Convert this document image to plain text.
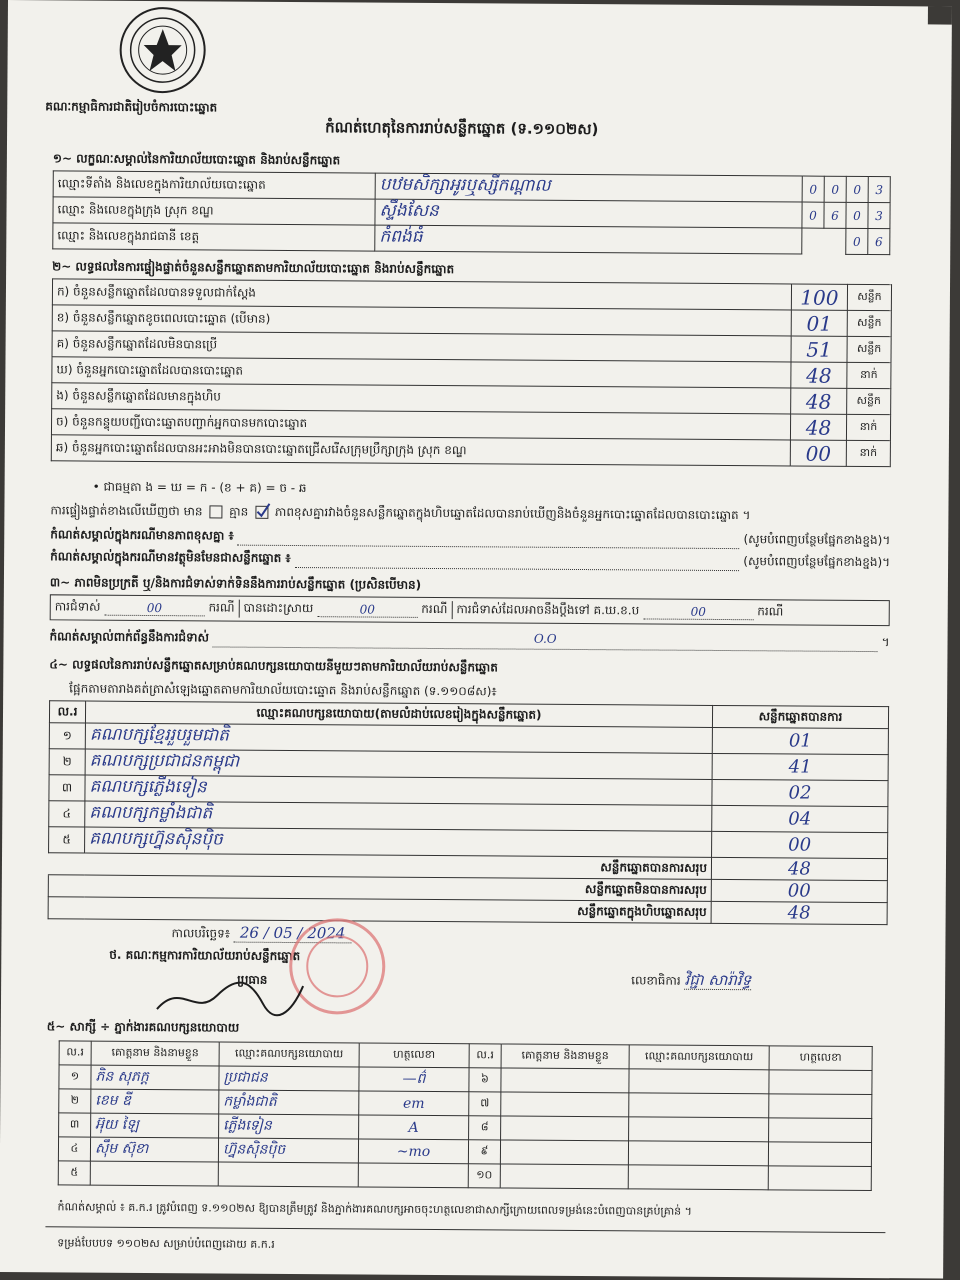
គណៈកម្មាធិការជាតិរៀបចំការបោះឆ្នោត
កំណត់ហេតុនៃការរាប់សន្លឹកឆ្នោត (ទ.១១០២ស)
១~ លក្ខណៈសម្គាល់នៃការិយាល័យបោះឆ្នោត និងរាប់សន្លឹកឆ្នោត
ឈ្មោះទីតាំង និងលេខក្នុងការិយាល័យបោះឆ្នោត	បឋមសិក្សាអូរឬស្សីកណ្តាល	0	0	0	3
ឈ្មោះ និងលេខក្នុងក្រុង ស្រុក ខណ្ឌ	ស្ទឹងសែន	0	6	0	3
ឈ្មោះ និងលេខក្នុងរាជធានី ខេត្ត	កំពង់ធំ			0	6
២~ លទ្ធផលនៃការផ្ទៀងផ្ទាត់ចំនួនសន្លឹកឆ្នោតតាមការិយាល័យបោះឆ្នោត និងរាប់សន្លឹកឆ្នោត
ក) ចំនួនសន្លឹកឆ្នោតដែលបានទទួលជាក់ស្តែង	100	សន្លឹក
ខ) ចំនួនសន្លឹកឆ្នោតខូចពេលបោះឆ្នោត (បើមាន)	01	សន្លឹក
គ) ចំនួនសន្លឹកឆ្នោតដែលមិនបានប្រើ	51	សន្លឹក
ឃ) ចំនួនអ្នកបោះឆ្នោតដែលបានបោះឆ្នោត	48	នាក់
ង) ចំនួនសន្លឹកឆ្នោតដែលមានក្នុងហិប	48	សន្លឹក
ច) ចំនួនកន្ទុយបញ្ជីបោះឆ្នោតបញ្ជាក់អ្នកបានមកបោះឆ្នោត	48	នាក់
ឆ) ចំនួនអ្នកបោះឆ្នោតដែលបានអះអាងមិនបានបោះឆ្នោតជ្រើសរើសក្រុមប្រឹក្សាក្រុង ស្រុក ខណ្ឌ	00	នាក់
• ជាធម្មតា ង = ឃ = ក - (ខ + គ) = ច - ឆ
ការផ្ទៀងផ្ទាត់ខាងលើឃើញថា មាន គ្មាន ភាពខុសគ្នារវាងចំនួនសន្លឹកឆ្នោតក្នុងហិបឆ្នោតដែលបានរាប់ឃើញនិងចំនួនអ្នកបោះឆ្នោតដែលបានបោះឆ្នោត ។
កំណត់សម្គាល់ក្នុងករណីមានភាពខុសគ្នា ៖	(សូមបំពេញបន្ថែមផ្នែកខាងខ្នង)។
កំណត់សម្គាល់ក្នុងករណីមានវត្ថុមិនមែនជាសន្លឹកឆ្នោត ៖	(សូមបំពេញបន្ថែមផ្នែកខាងខ្នង)។
៣~ ភាពមិនប្រក្រតី ឬ/និងការជំទាស់ទាក់ទិននឹងការរាប់សន្លឹកឆ្នោត (ប្រសិនបើមាន)
ការជំទាស់	00	ករណី បានដោះស្រាយ	00	ករណី ការជំទាស់ដែលអាចនឹងប្តឹងទៅ គ.ឃ.ខ.ប	00	ករណី
កំណត់សម្គាល់ពាក់ព័ន្ធនឹងការជំទាស់	O.O	។
៤~ លទ្ធផលនៃការរាប់សន្លឹកឆ្នោតសម្រាប់គណបក្សនយោបាយនីមួយៗតាមការិយាល័យរាប់សន្លឹកឆ្នោត
ផ្អែកតាមតារាងគត់ត្រាសំឡេងឆ្នោតតាមការិយាល័យបោះឆ្នោត និងរាប់សន្លឹកឆ្នោត (ទ.១១០៨ស)៖
ល.រ	ឈ្មោះគណបក្សនយោបាយ(តាមលំដាប់លេខរៀងក្នុងសន្លឹកឆ្នោត)	សន្លឹកឆ្នោតបានការ
១	គណបក្សខ្មែររួបរួមជាតិ	01
២	គណបក្សប្រជាជនកម្ពុជា	41
៣	គណបក្សភ្លើងទៀន	02
៤	គណបក្សកម្លាំងជាតិ	04
៥	គណបក្សហ្វ៊ុនស៊ិនប៉ិច	00
សន្លឹកឆ្នោតបានការសរុប		48
សន្លឹកឆ្នោតមិនបានការសរុប		00
សន្លឹកឆ្នោតក្នុងហិបឆ្នោតសរុប		48
កាលបរិច្ឆេទ៖ 26 / 05 / 2024
ថ. គណៈកម្មការការិយាល័យរាប់សន្លឹកឆ្នោត
ប្រធាន	លេខាធិការ វិជ្ជា សារ៉ាវិទ្ធ
៥~ សាក្សី ÷ ភ្នាក់ងារគណបក្សនយោបាយ
ល.រ	គោត្តនាម និងនាមខ្លួន	ឈ្មោះគណបក្សនយោបាយ	ហត្ថលេខា	ល.រ	គោត្តនាម និងនាមខ្លួន	ឈ្មោះគណបក្សនយោបាយ	ហត្ថលេខា
១	ភិន សុភក្ត	ប្រជាជន	—ព៌	៦			
២	ខេម ឌី	កម្លាំងជាតិ	em	៧			
៣	អ៊ុយ ឡៃ	ភ្លើងទៀន	A	៨			
៤	ស៊ឹម ស៊ុខា	ហ្វ៊ុនស៊ិនប៉ិច	~mo	៩			
៥				១០			
កំណត់សម្គាល់ ៖ គ.ក.រ ត្រូវបំពេញ ទ.១១០២ស ឱ្យបានត្រឹមត្រូវ និងភ្នាក់ងារគណបក្សអាចចុះហត្ថលេខាជាសាក្សីក្រោយពេលទម្រង់នេះបំពេញបានគ្រប់គ្រាន់ ។
ទម្រង់បែបបទ ១១០២ស សម្រាប់បំពេញដោយ គ.ក.រ
